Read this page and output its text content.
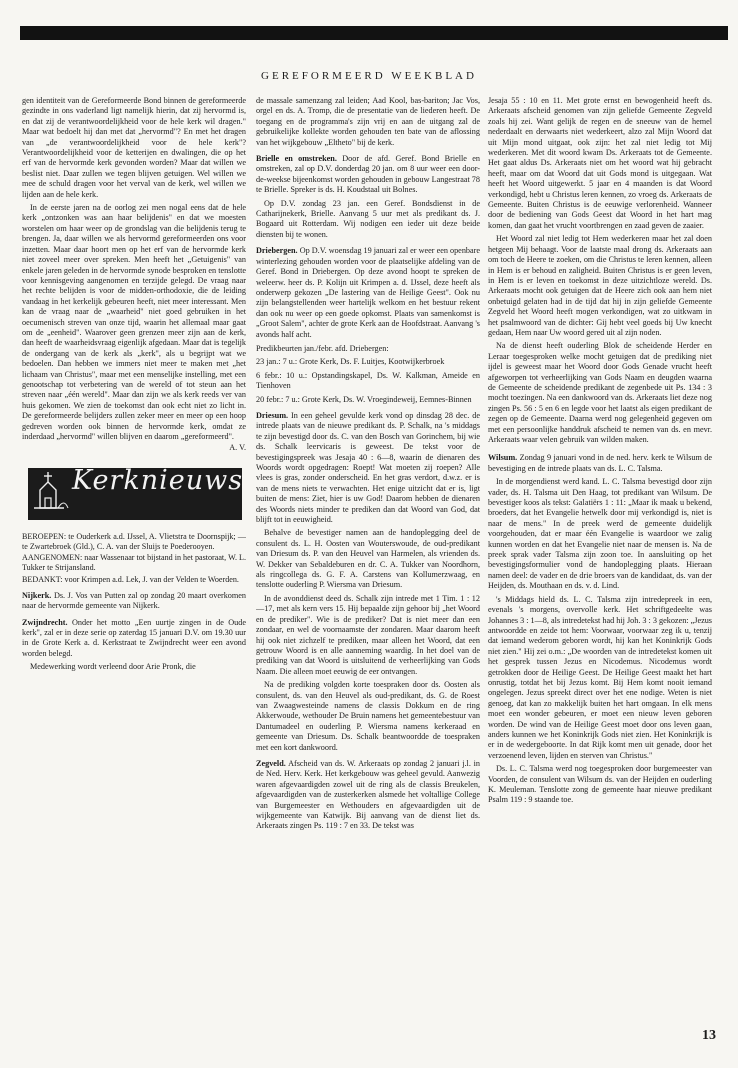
GEREFORMEERD WEEKBLAD

gen identiteit van de Gereformeerde Bond binnen de gereformeerde gezindte in ons vaderland ligt namelijk hierin, dat zij hervormd is, en dat zij de verantwoordelijkheid voor de hele kerk wil dragen." Maar wat bedoelt hij dan met dat „hervormd"? En met het dragen van „de verantwoordelijkheid voor de hele kerk"? Verantwoordelijkheid voor de ketterijen en dwalingen, die op het erf van de hervormde kerk gevonden worden? Maar dat willen we beslist niet. Daar zullen we tegen blijven getuigen. Wel willen we mee de schuld dragen voor het verval van de kerk, wel willen we lijden aan de hele kerk.

In de eerste jaren na de oorlog zei men nogal eens dat de hele kerk „ontzonken was aan haar belijdenis" en dat we moesten worstelen om haar weer op de grondslag van die belijdenis terug te brengen. Ja, daar willen we als hervormd gereformeerden ons voor inzetten. Maar daar hoort men op het erf van de hervormde kerk niet zoveel meer over spreken. Men heeft het „Getuigenis" van enkele jaren geleden in de hervormde synode besproken en tenslotte voor kennisgeving aangenomen en terzijde gelegd. De vraag naar het rechte belijden is voor de midden-orthodoxie, die de leiding vandaag in het kerkelijk gebeuren heeft, niet meer interessant. Men kan de vraag naar de „waarheid" niet goed gebruiken in het oecumenisch streven van onze tijd, waarin het allemaal maar gaat om de „eenheid". Waarover geen grenzen meer zijn aan de kerk, dan heeft de waarheidsvraag eigenlijk afgedaan. Maar dat is tegelijk de ondergang van de kerk als „kerk", als u begrijpt wat we bedoelen. Dan hebben we immers niet meer te maken met „het lichaam van Christus", maar met een menselijke instelling, met een genootschap tot verbetering van de wereld of tot steun aan het streven naar „één wereld". Maar dan zijn we als kerk reeds ver van huis gekomen. We zien de toekomst dan ook echt niet zo licht in. De gereformeerde belijders zullen zeker meer en meer op een hoop gedreven worden ook binnen de hervormde kerk, omdat ze inderdaad „hervormd" willen blijven en daarom „gereformeerd".

A. V.

Kerknieuws
BEROEPEN: te Ouderkerk a.d. IJssel, A. Vlietstra te Doornspijk; — te Zwartebroek (Gld.), C. A. van der Sluijs te Poederooyen.
AANGENOMEN: naar Wassenaar tot bijstand in het pastoraat, W. L. Tukker te Strijansland.
BEDANKT: voor Krimpen a.d. Lek, J. van der Velden te Woerden.

Nijkerk. Ds. J. Vos van Putten zal op zondag 20 maart overkomen naar de hervormde gemeente van Nijkerk.

Zwijndrecht. Onder het motto „Een uurtje zingen in de Oude kerk", zal er in deze serie op zaterdag 15 januari D.V. om 19.30 uur in de Grote Kerk a. d. Kerkstraat te Zwijndrecht weer een avond worden belegd.

Medewerking wordt verleend door Arie Pronk, die

de massale samenzang zal leiden; Aad Kool, bas-bariton; Jac Vos, orgel en ds. A. Tromp, die de presentatie van de liederen heeft. De toegang en de programma's zijn vrij en aan de uitgang zal de gebruikelijke kollekte worden gehouden ten bate van de aflossing van het wijkgebouw „Eltheto" bij de kerk.

Brielle en omstreken. Door de afd. Geref. Bond Brielle en omstreken, zal op D.V. donderdag 20 jan. om 8 uur weer een door-de-weekse bijeenkomst worden gehouden in gebouw Langestraat 78 te Brielle. Spreker is ds. H. Koudstaal uit Bolnes.

Op D.V. zondag 23 jan. een Geref. Bondsdienst in de Catharijnekerk, Brielle. Aanvang 5 uur met als predikant ds. J. Bogaard uit Rotterdam. Wij nodigen een ieder uit deze beide diensten bij te wonen.

Driebergen. Op D.V. woensdag 19 januari zal er weer een openbare winterlezing gehouden worden voor de plaatselijke afdeling van de Geref. Bond in Driebergen. Op deze avond hoopt te spreken de weleerw. heer ds. P. Kolijn uit Krimpen a. d. IJssel, deze heeft als onderwerp gekozen „De lastering van de Heilige Geest". Ook nu zijn belangstellenden weer hartelijk welkom en het bestuur rekent dan ook nu weer op een goede opkomst. Plaats van samenkomst is „Groot Salem", achter de grote Kerk aan de Hoofdstraat. Aanvang 's avonds half acht.

Predikbeurten jan./febr. afd. Driebergen:

23 jan.: 7 u.: Grote Kerk, Ds. F. Luitjes, Kootwijkerbroek

6 febr.: 10 u.: Opstandingskapel, Ds. W. Kalkman, Ameide en Tienhoven

20 febr.: 7 u.: Grote Kerk, Ds. W. Vroegindeweij, Eemnes-Binnen

Driesum. In een geheel gevulde kerk vond op dinsdag 28 dec. de intrede plaats van de nieuwe predikant ds. P. Schalk, na 's middags te zijn bevestigd door ds. C. van den Bosch van Gorinchem, bij wie ds. Schalk leervicaris is geweest. De tekst voor de bevestigingspreek was Jesaja 40 : 6—8, waarin de dienaren des Woords wordt opgedragen: Roept! Wat moeten zij roepen? Alle vlees is gras, zonder onderscheid. En het gras verdort, d.w.z. er is van de mens niets te verwachten. Het enige uitzicht dat er is, ligt buiten de mens: Ziet, hier is uw God! Daarom hebben de dienaren des Woords niets minder te prediken dan dat Woord van God, dat blijft tot in eeuwigheid.

Behalve de bevestiger namen aan de handoplegging deel de consulent ds. L. H. Oosten van Wouterswoude, de oud-predikant van Driesum ds. P. van den Heuvel van Harmelen, als vrienden ds. W. Dekker van Sebaldeburen en dr. C. A. Tukker van Noordhorn, als ringcollega ds. G. F. A. Carstens van Kollumerzwaag, en tenslotte ouderling P. Wiersma van Driesum.

In de avonddienst deed ds. Schalk zijn intrede met 1 Tim. 1 : 12—17, met als kern vers 15. Hij bepaalde zijn gehoor bij „het Woord en de prediker". Wie is de prediker? Dat is niet meer dan een zondaar, en wel de voornaamste der zondaren. Maar daarom heeft hij ook niet zichzelf te prediken, maar alleen het Woord, dat een getrouw Woord is en alle aanneming waardig. In het doel van de prediking van dat Woord is uitsluitend de verheerlijking van Gods Naam. Die alleen moet eeuwig de eer ontvangen.

Na de prediking volgden korte toespraken door ds. Oosten als consulent, ds. van den Heuvel als oud-predikant, ds. G. de Roest van Zwaagwesteinde namens de classis Dokkum en de ring Akkerwoude, wethouder De Bruin namens het gemeentebestuur van Dantumadeel en ouderling P. Wiersma namens kerkeraad en gemeente van Driesum. Ds. Schalk beantwoordde de toespraken met een kort dankwoord.

Zegveld. Afscheid van ds. W. Arkeraats op zondag 2 januari j.l. in de Ned. Herv. Kerk. Het kerkgebouw was geheel gevuld. Aanwezig waren afgevaardigden zowel uit de ring als de classis Breukelen, afgevaardigden van de zusterkerken alsmede het voltallige College van Burgemeester en Wethouders en afgevaardigden uit de wijkgemeente van Katwijk. Bij aanvang van de dienst liet ds. Arkeraats zingen Ps. 119 : 7 en 33. De tekst was

Jesaja 55 : 10 en 11. Met grote ernst en bewogenheid heeft ds. Arkeraats afscheid genomen van zijn geliefde Gemeente Zegveld zoals hij zei. Want gelijk de regen en de sneeuw van de hemel nederdaalt en derwaarts niet wederkeert, alzo zal Mijn Woord dat uit Mijn mond uitgaat, ook zijn: het zal niet ledig tot Mij wederkeren. Met dit woord kwam Ds. Arkeraats tot de Gemeente. Het gaat aldus Ds. Arkeraats niet om het woord wat hij gebracht heeft, maar om dat Woord dat uit Gods mond is uitgegaan. Wat heeft het Woord uitgewerkt. 5 jaar en 4 maanden is dat Woord verkondigd, hebt u Christus leren kennen, zo vroeg ds. Arkeraats de Gemeente. Buiten Christus is de eeuwige verlorenheid. Wanneer door de bediening van Gods Geest dat Woord in het hart mag komen, dan gaat het vrucht voortbrengen en zaad geven de zaaier.

Het Woord zal niet ledig tot Hem wederkeren maar het zal doen hetgeen Mij behaagt. Voor de laatste maal drong ds. Arkeraats aan om toch de Heere te zoeken, om die Christus te leren kennen, alleen in Hem is er behoud en zaligheid. Buiten Christus is er geen leven, in Hem is er leven en toekomst in deze uitzichtloze wereld. Ds. Arkeraats mocht ook getuigen dat de Heere zich ook aan hem niet onbetuigd gelaten had in de tijd dat hij in zijn geliefde Gemeente Zegveld het Woord heeft mogen verkondigen, wat zo uitkwam in het psalmwoord van de dichter: Gij hebt veel goeds bij Uw knecht gedaan, Hem naar Uw woord gered uit al zijn noden.

Na de dienst heeft ouderling Blok de scheidende Herder en Leraar toegesproken welke mocht getuigen dat de prediking niet ijdel is geweest maar het Woord door Gods Genade vrucht heeft afgeworpen tot verheerlijking van Gods Naam en deugden waarna de Gemeente de scheidende predikant de zegenbede uit Ps. 134 : 3 mocht toezingen. Na een dankwoord van ds. Arkeraats liet deze nog zingen Ps. 56 : 5 en 6 en legde voor het laatst als eigen predikant de zegen op de Gemeente. Daarna werd nog gelegenheid gegeven om met een persoonlijke handdruk afscheid te nemen van ds. en mevr. Arkeraats waar velen gebruik van wilden maken.

Wilsum. Zondag 9 januari vond in de ned. herv. kerk te Wilsum de bevestiging en de intrede plaats van ds. L. C. Talsma.

In de morgendienst werd kand. L. C. Talsma bevestigd door zijn vader, ds. H. Talsma uit Den Haag, tot predikant van Wilsum. De bevestiger koos als tekst: Galatiërs 1 : 11: „Maar ik maak u bekend, broeders, dat het Evangelie hetwelk door mij verkondigd is, niet is naar de mens." In de preek werd de gemeente duidelijk voorgehouden, dat er maar één Evangelie is waardoor we zalig kunnen worden en dat het Evangelie niet naar de mensen is. Na de preek sprak vader Talsma zijn zoon toe. In aansluiting op het bevestigingsformulier vond de handoplegging plaats. Hieraan namen deel: de vader en de drie broers van de kandidaat, ds. van der Heijden, ds. Mouthaan en ds. v. d. Lind.

's Middags hield ds. L. C. Talsma zijn intredepreek in een, evenals 's morgens, overvolle kerk. Het schriftgedeelte was Johannes 3 : 1—8, als intredetekst had hij Joh. 3 : 3 gekozen: „Jezus antwoordde en zeide tot hem: Voorwaar, voorwaar zeg ik u, tenzij dat iemand wederom geboren wordt, hij kan het Koninkrijk Gods niet zien." Hij zei o.m.: „De woorden van de intredetekst komen uit het gesprek tussen Jezus en Nicodemus. Nicodemus wordt getrokken door de Heilige Geest. De Heilige Geest maakt het hart onrustig, totdat het bij Jezus komt. Bij Hem komt nooit iemand ongelegen. Jezus spreekt direct over het ene nodige. Weten is niet genoeg, dat kan zo makkelijk buiten het hart omgaan. In elk mens moet een wonder gebeuren, er moet een nieuw leven geboren worden. De wind van de Heilige Geest moet door ons leven gaan, anders kunnen we het Koninkrijk Gods niet zien. Het Koninkrijk is er in de wedergeboorte. In dat Rijk komt men uit genade, door het verzoenend leven, lijden en sterven van Christus."

Ds. L. C. Talsma werd nog toegesproken door burgemeester van Voorden, de consulent van Wilsum ds. van der Heijden en ouderling K. Meuleman. Tenslotte zong de gemeente haar nieuwe predikant Psalm 119 : 9 staande toe.

13
